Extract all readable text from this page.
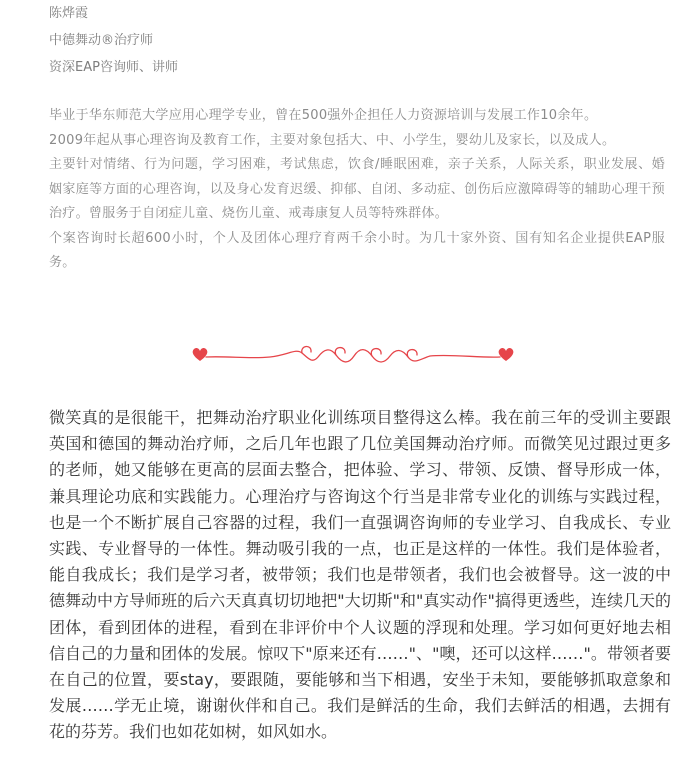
陈烨霞

中德舞动®治疗师

资深EAP咨询师、讲师

毕业于华东师范大学应用心理学专业，曾在500强外企担任人力资源培训与发展工作10余年。

2009年起从事心理咨询及教育工作，主要对象包括大、中、小学生，婴幼儿及家长，以及成人。

主要针对情绪、行为问题，学习困难，考试焦虑，饮食/睡眠困难，亲子关系，人际关系，职业发展、婚姻家庭等方面的心理咨询，以及身心发育迟缓、抑郁、自闭、多动症、创伤后应激障碍等的辅助心理干预治疗。曾服务于自闭症儿童、烧伤儿童、戒毒康复人员等特殊群体。

个案咨询时长超600小时，个人及团体心理疗育两千余小时。为几十家外资、国有知名企业提供EAP服务。

微笑真的是很能干，把舞动治疗职业化训练项目整得这么棒。我在前三年的受训主要跟英国和德国的舞动治疗师，之后几年也跟了几位美国舞动治疗师。而微笑见过跟过更多的老师，她又能够在更高的层面去整合，把体验、学习、带领、反馈、督导形成一体，兼具理论功底和实践能力。心理治疗与咨询这个行当是非常专业化的训练与实践过程，也是一个不断扩展自己容器的过程，我们一直强调咨询师的专业学习、自我成长、专业实践、专业督导的一体性。舞动吸引我的一点，也正是这样的一体性。我们是体验者，能自我成长；我们是学习者，被带领；我们也是带领者，我们也会被督导。这一波的中德舞动中方导师班的后六天真真切切地把"大切斯"和"真实动作"搞得更透些，连续几天的团体，看到团体的进程，看到在非评价中个人议题的浮现和处理。学习如何更好地去相信自己的力量和团体的发展。惊叹下"原来还有……"、"噢，还可以这样……"。带领者要在自己的位置，要stay，要跟随，要能够和当下相遇，安坐于未知，要能够抓取意象和发展……学无止境，谢谢伙伴和自己。我们是鲜活的生命，我们去鲜活的相遇，去拥有花的芬芳。我们也如花如树，如风如水。
